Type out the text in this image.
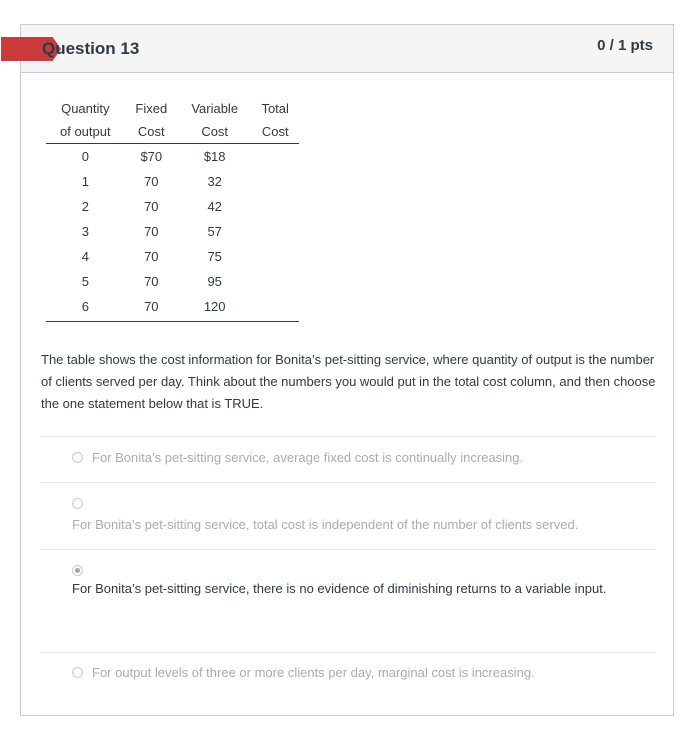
Question 13	0 / 1 pts
Quantity	Fixed	Variable	Total
of output	Cost	Cost	Cost
0	$70	$18	
1	70	32	
2	70	42	
3	70	57	
4	70	75	
5	70	95	
6	70	120	
The table shows the cost information for Bonita’s pet-sitting service, where quantity of output is the number of clients served per day. Think about the numbers you would put in the total cost column, and then choose the one statement below that is TRUE.
For Bonita’s pet-sitting service, average fixed cost is continually increasing.
For Bonita’s pet-sitting service, total cost is independent of the number of clients served.
For Bonita’s pet-sitting service, there is no evidence of diminishing returns to a variable input.
For output levels of three or more clients per day, marginal cost is increasing.
